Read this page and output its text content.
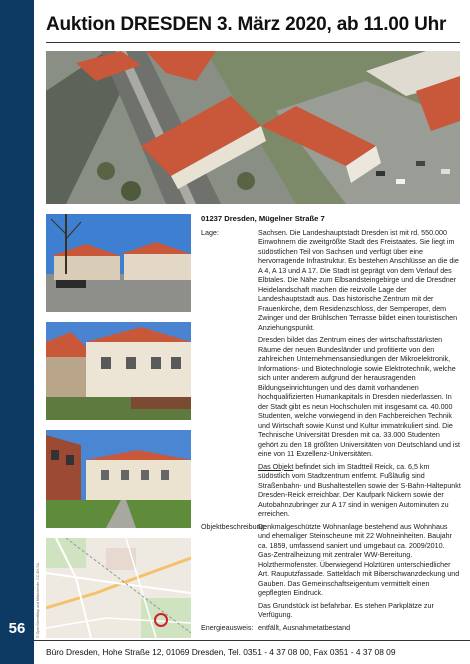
56
Auktion DRESDEN 3. März 2020, ab 11.00 Uhr
© OpenStreetMap und Mitwirkende, CC-BY-SA
01237 Dresden, Mügelner Straße 7
Lage:	Sachsen. Die Landeshauptstadt Dresden ist mit rd. 550.000 Einwohnern die zweitgrößte Stadt des Freistaates. Sie liegt im südöstlichen Teil von Sachsen und verfügt über eine hervorragende Infrastruktur. Es bestehen Anschlüsse an die die A 4, A 13 und A 17. Die Stadt ist geprägt von dem Verlauf des Elbtales. Die Nähe zum Elbsandsteingebirge und die Dresdner Heidelandschaft machen die reizvolle Lage der Landeshauptstadt aus. Das historische Zentrum mit der Frauenkirche, dem Residenzschloss, der Semperoper, dem Zwinger und der Brühlschen Terrasse bildet einen touristischen Anziehungspunkt.

Dresden bildet das Zentrum eines der wirtschaftsstärksten Räume der neuen Bundesländer und profitierte von den zahlreichen Unternehmensansiedlungen der Mikroelektronik, Informations- und Biotechnologie sowie Elektrotechnik, welche sich unter anderem aufgrund der herausragenden Bildungseinrichtungen und des damit vorhandenen hochqualifizierten Humankapitals in Dresden niederlassen. In der Stadt gibt es neun Hochschulen mit insgesamt ca. 40.000 Studenten, welche vorwiegend in den Fachbereichen Technik und Wirtschaft sowie Kunst und Kultur immatrikuliert sind. Die Technische Universität Dresden mit ca. 33.000 Studenten gehört zu den 18 größten Universitäten von Deutschland und ist eine von 11 Exzellenz-Universitäten.

Das Objekt befindet sich im Stadtteil Reick, ca. 6,5 km südöstlich vom Stadtzentrum entfernt. Fußläufig sind Straßenbahn- und Bushaltestellen sowie der S-Bahn-Haltepunkt Dresden-Reick erreichbar. Der Kaufpark Nickern sowie der Autobahnzubringer zur A 17 sind in wenigen Autominuten zu erreichen.

Objektbeschreibung:

Denkmalgeschützte Wohnanlage bestehend aus Wohnhaus und ehemaliger Steinscheune mit 22 Wohneinheiten. Baujahr ca. 1859, umfassend saniert und umgebaut ca. 2009/2010. Gas-Zentralheizung mit zentraler WW-Bereitung. Holzthermofenster. Überwiegend Holztüren unterschiedlicher Art. Rauputzfassade. Satteldach mit Biberschwanzdeckung und Gauben. Das Gemeinschaftseigentum vermittelt einen gepflegten Eindruck.

Das Grundstück ist befahrbar. Es stehen Parkplätze zur Verfügung.

Energieausweis: entfällt, Ausnahmetatbestand
Büro Dresden, Hohe Straße 12, 01069 Dresden, Tel. 0351 - 4 37 08 00, Fax 0351 - 4 37 08 09
